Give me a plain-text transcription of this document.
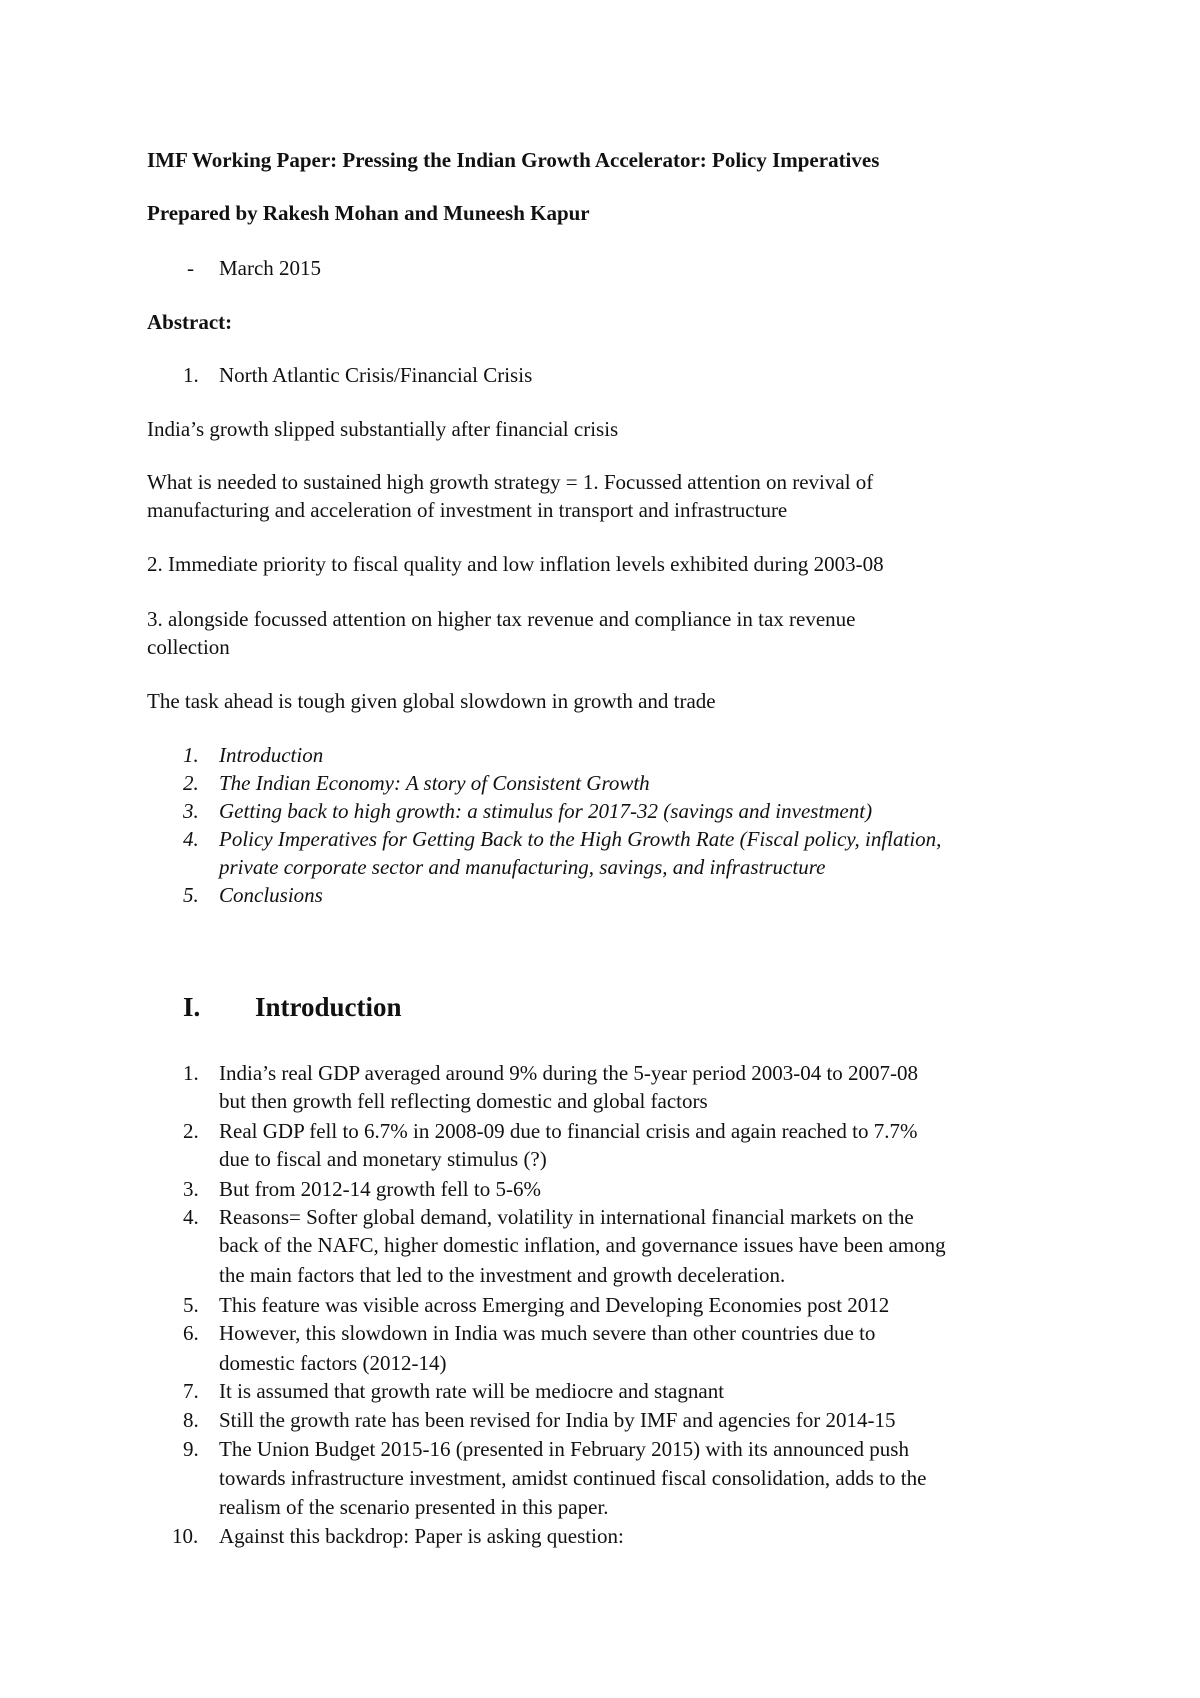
IMF Working Paper: Pressing the Indian Growth Accelerator: Policy Imperatives
Prepared by Rakesh Mohan and Muneesh Kapur
- March 2015
Abstract:
1. North Atlantic Crisis/Financial Crisis
India’s growth slipped substantially after financial crisis
What is needed to sustained high growth strategy = 1. Focussed attention on revival of
manufacturing and acceleration of investment in transport and infrastructure
2. Immediate priority to fiscal quality and low inflation levels exhibited during 2003-08
3. alongside focussed attention on higher tax revenue and compliance in tax revenue
collection
The task ahead is tough given global slowdown in growth and trade
1. Introduction
2. The Indian Economy: A story of Consistent Growth
3. Getting back to high growth: a stimulus for 2017-32 (savings and investment)
4. Policy Imperatives for Getting Back to the High Growth Rate (Fiscal policy, inflation,
private corporate sector and manufacturing, savings, and infrastructure
5. Conclusions
I. Introduction
1. India’s real GDP averaged around 9% during the 5-year period 2003-04 to 2007-08
but then growth fell reflecting domestic and global factors
2. Real GDP fell to 6.7% in 2008-09 due to financial crisis and again reached to 7.7%
due to fiscal and monetary stimulus (?)
3. But from 2012-14 growth fell to 5-6%
4. Reasons= Softer global demand, volatility in international financial markets on the
back of the NAFC, higher domestic inflation, and governance issues have been among
the main factors that led to the investment and growth deceleration.
5. This feature was visible across Emerging and Developing Economies post 2012
6. However, this slowdown in India was much severe than other countries due to
domestic factors (2012-14)
7. It is assumed that growth rate will be mediocre and stagnant
8. Still the growth rate has been revised for India by IMF and agencies for 2014-15
9. The Union Budget 2015-16 (presented in February 2015) with its announced push
towards infrastructure investment, amidst continued fiscal consolidation, adds to the
realism of the scenario presented in this paper.
10. Against this backdrop: Paper is asking question:
